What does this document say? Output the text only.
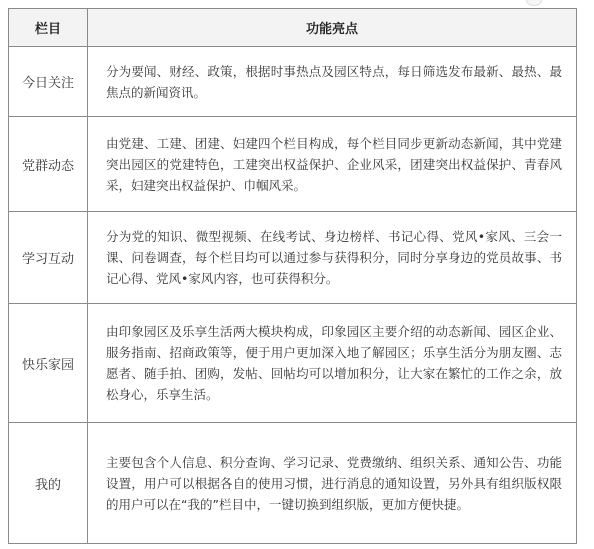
栏目	功能亮点
今日关注	分为要闻、财经、政策，根据时事热点及园区特点，每日筛选发布最新、最热、最焦点的新闻资讯。
党群动态	由党建、工建、团建、妇建四个栏目构成，每个栏目同步更新动态新闻，其中党建突出园区的党建特色，工建突出权益保护、企业风采，团建突出权益保护、青春风采，妇建突出权益保护、巾帼风采。
学习互动	分为党的知识、微型视频、在线考试、身边榜样、书记心得、党风•家风、三会一课、问卷调查，每个栏目均可以通过参与获得积分，同时分享身边的党员故事、书记心得、党风•家风内容，也可获得积分。
快乐家园	由印象园区及乐享生活两大模块构成，印象园区主要介绍的动态新闻、园区企业、服务指南、招商政策等，便于用户更加深入地了解园区；乐享生活分为朋友圈、志愿者、随手拍、团购，发帖、回帖均可以增加积分，让大家在繁忙的工作之余，放松身心，乐享生活。
我的	主要包含个人信息、积分查询、学习记录、党费缴纳、组织关系、通知公告、功能设置，用户可以根据各自的使用习惯，进行消息的通知设置，另外具有组织版权限的用户可以在“我的”栏目中，一键切换到组织版，更加方便快捷。
